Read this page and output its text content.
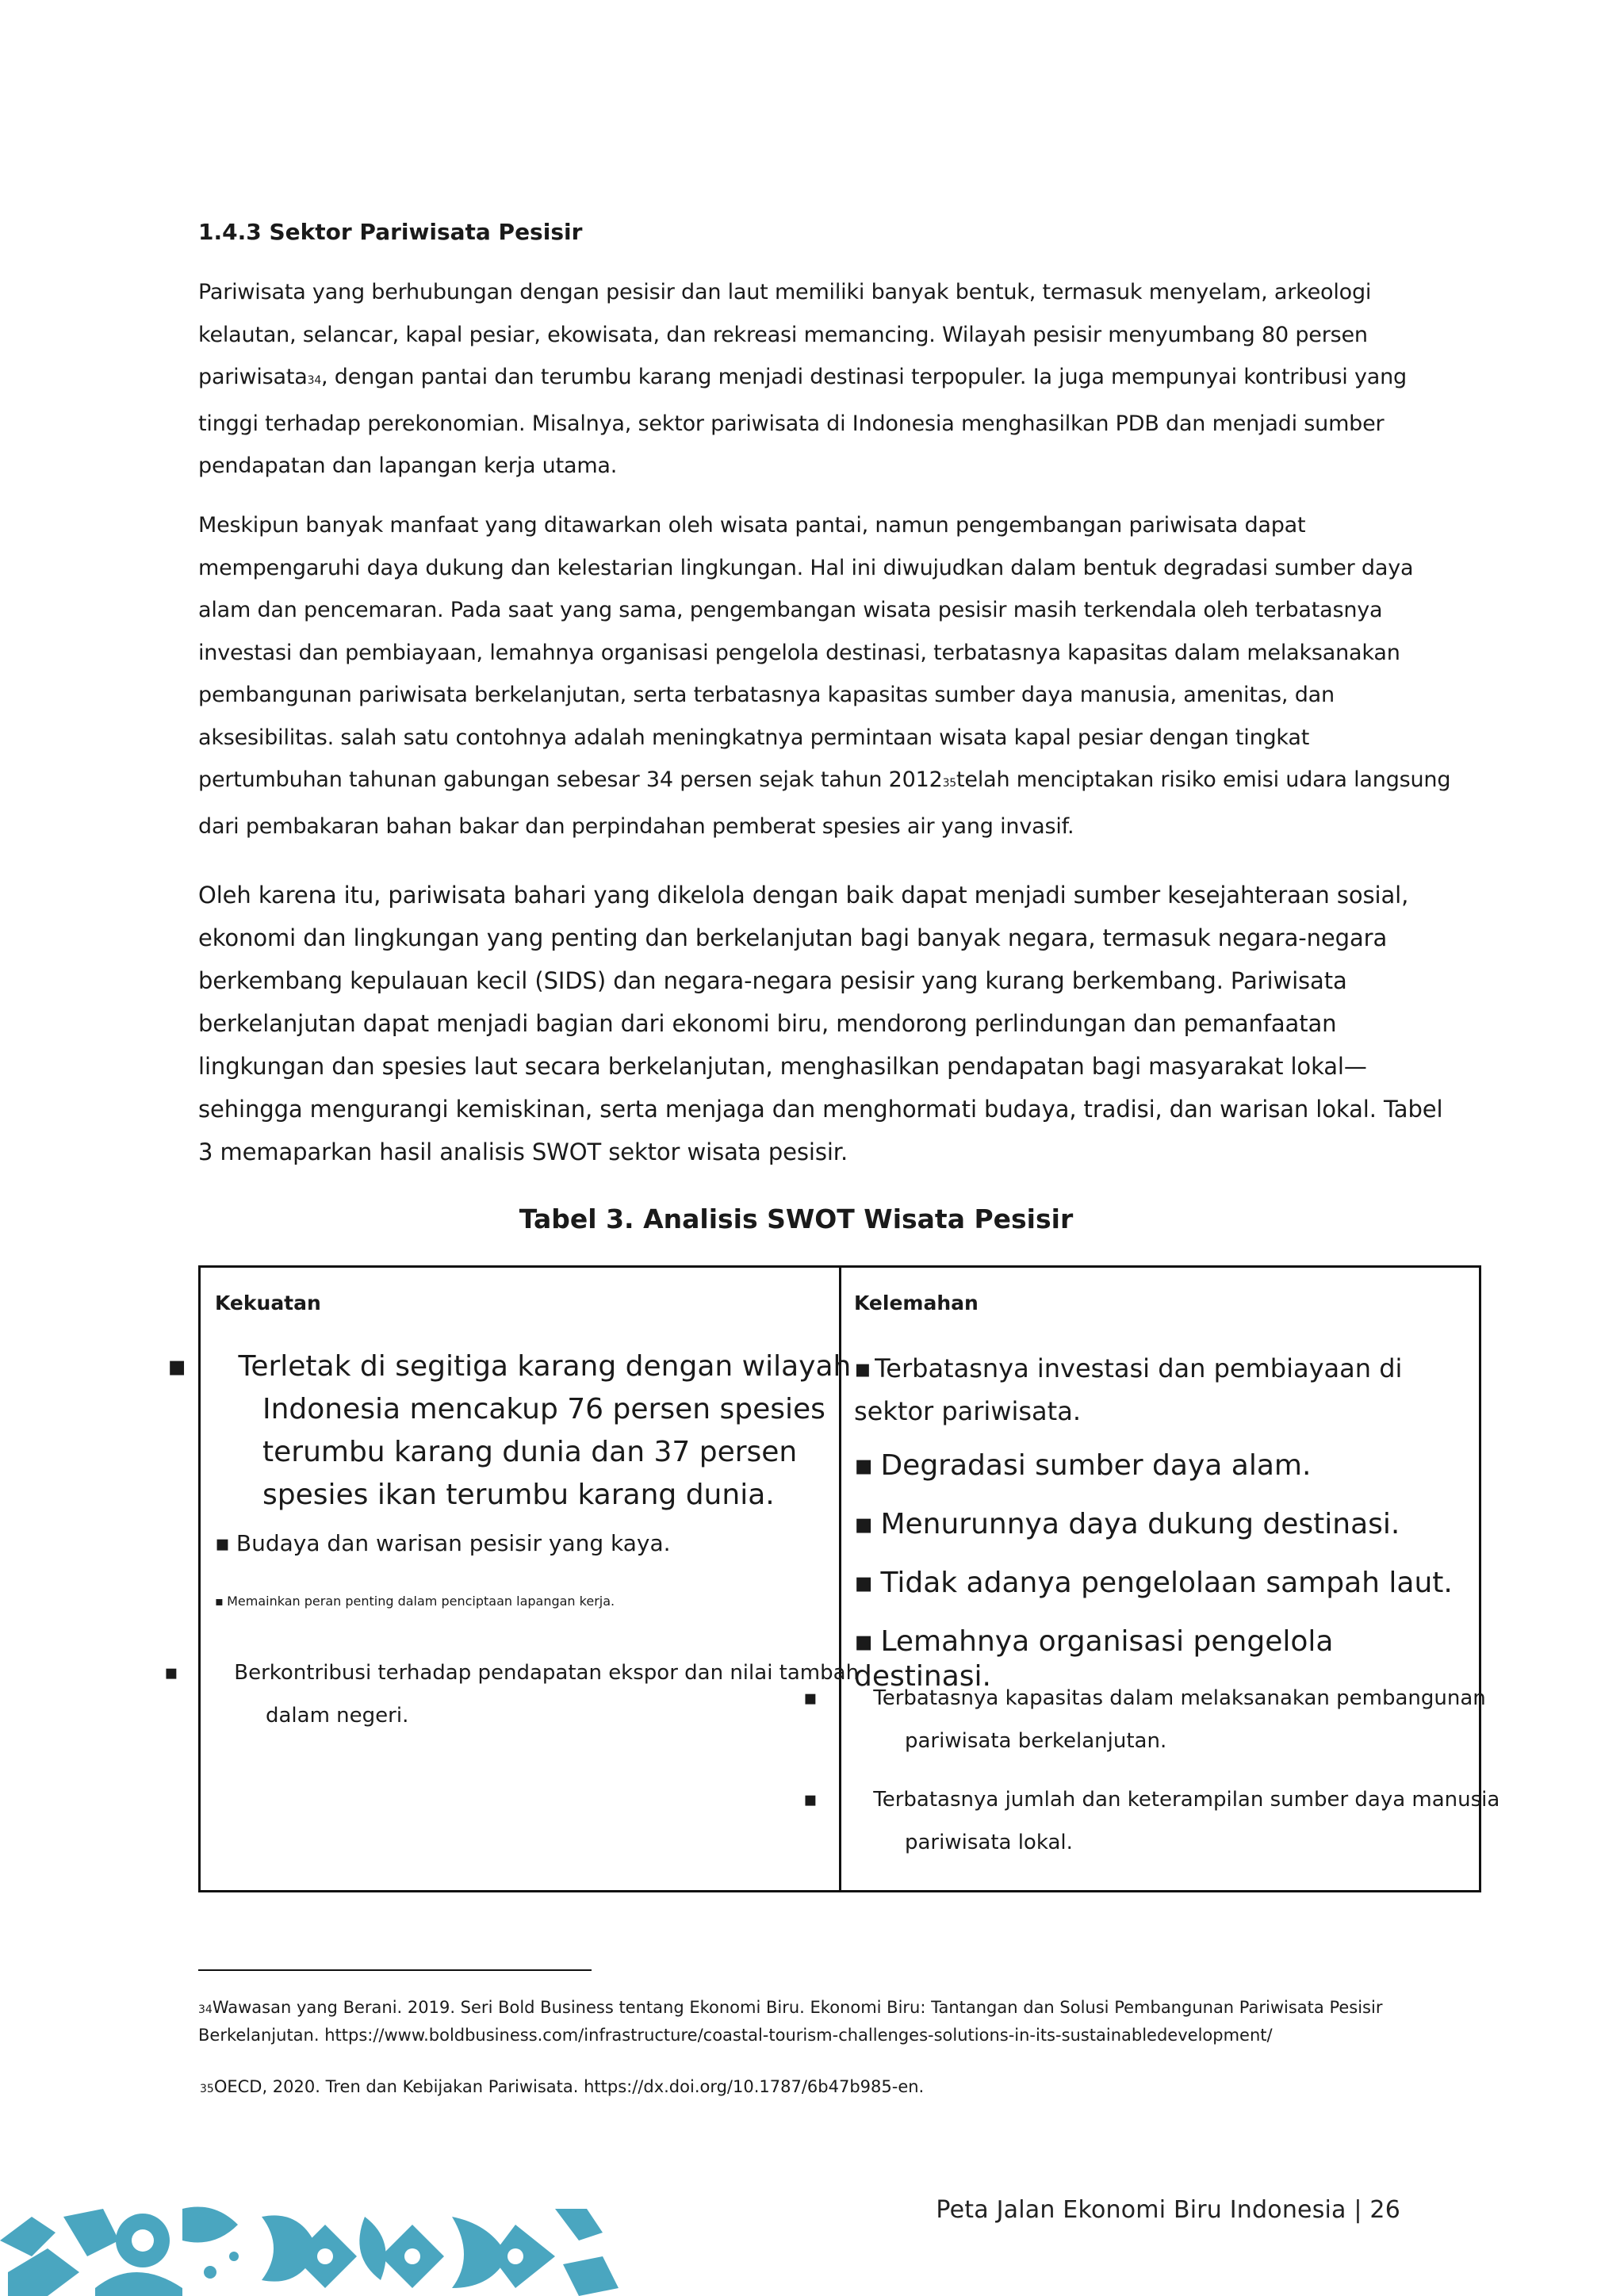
1.4.3 Sektor Pariwisata Pesisir
Pariwisata yang berhubungan dengan pesisir dan laut memiliki banyak bentuk, termasuk menyelam, arkeologi kelautan, selancar, kapal pesiar, ekowisata, dan rekreasi memancing. Wilayah pesisir menyumbang 80 persen pariwisata34, dengan pantai dan terumbu karang menjadi destinasi terpopuler. Ia juga mempunyai kontribusi yang tinggi terhadap perekonomian. Misalnya, sektor pariwisata di Indonesia menghasilkan PDB dan menjadi sumber pendapatan dan lapangan kerja utama.
Meskipun banyak manfaat yang ditawarkan oleh wisata pantai, namun pengembangan pariwisata dapat mempengaruhi daya dukung dan kelestarian lingkungan. Hal ini diwujudkan dalam bentuk degradasi sumber daya alam dan pencemaran. Pada saat yang sama, pengembangan wisata pesisir masih terkendala oleh terbatasnya investasi dan pembiayaan, lemahnya organisasi pengelola destinasi, terbatasnya kapasitas dalam melaksanakan pembangunan pariwisata berkelanjutan, serta terbatasnya kapasitas sumber daya manusia, amenitas, dan aksesibilitas. salah satu contohnya adalah meningkatnya permintaan wisata kapal pesiar dengan tingkat pertumbuhan tahunan gabungan sebesar 34 persen sejak tahun 201235telah menciptakan risiko emisi udara langsung dari pembakaran bahan bakar dan perpindahan pemberat spesies air yang invasif.
Oleh karena itu, pariwisata bahari yang dikelola dengan baik dapat menjadi sumber kesejahteraan sosial, ekonomi dan lingkungan yang penting dan berkelanjutan bagi banyak negara, termasuk negara-negara berkembang kepulauan kecil (SIDS) dan negara-negara pesisir yang kurang berkembang. Pariwisata berkelanjutan dapat menjadi bagian dari ekonomi biru, mendorong perlindungan dan pemanfaatan lingkungan dan spesies laut secara berkelanjutan, menghasilkan pendapatan bagi masyarakat lokal—sehingga mengurangi kemiskinan, serta menjaga dan menghormati budaya, tradisi, dan warisan lokal. Tabel 3 memaparkan hasil analisis SWOT sektor wisata pesisir.
Tabel 3. Analisis SWOT Wisata Pesisir
Kekuatan
▪ Terletak di segitiga karang dengan wilayah Indonesia mencakup 76 persen spesies terumbu karang dunia dan 37 persen spesies ikan terumbu karang dunia.
▪ Budaya dan warisan pesisir yang kaya.
▪ Memainkan peran penting dalam penciptaan lapangan kerja.
▪	Berkontribusi terhadap pendapatan ekspor dan nilai tambah dalam negeri.
Kelemahan
▪ Terbatasnya investasi dan pembiayaan di sektor pariwisata.
▪ Degradasi sumber daya alam.
▪ Menurunnya daya dukung destinasi.
▪ Tidak adanya pengelolaan sampah laut.
▪ Lemahnya organisasi pengelola destinasi.
▪	Terbatasnya kapasitas dalam melaksanakan pembangunan pariwisata berkelanjutan.
▪	Terbatasnya jumlah dan keterampilan sumber daya manusia pariwisata lokal.
34Wawasan yang Berani. 2019. Seri Bold Business tentang Ekonomi Biru. Ekonomi Biru: Tantangan dan Solusi Pembangunan Pariwisata Pesisir Berkelanjutan. https://www.boldbusiness.com/infrastructure/coastal-tourism-challenges-solutions-in-its-sustainabledevelopment/
35OECD, 2020. Tren dan Kebijakan Pariwisata. https://dx.doi.org/10.1787/6b47b985-en.
Peta Jalan Ekonomi Biru Indonesia | 26
